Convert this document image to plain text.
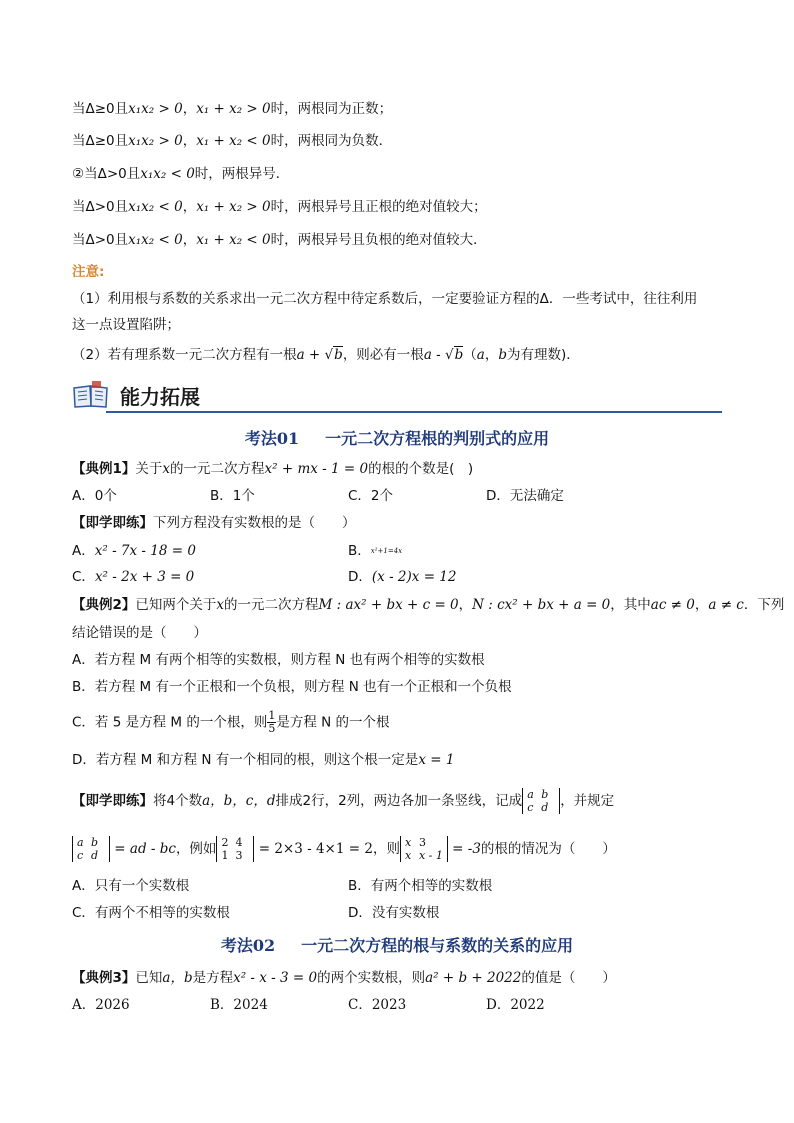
当Δ≥0且x₁x₂ > 0，x₁ + x₂ > 0时，两根同为正数；
当Δ≥0且x₁x₂ > 0，x₁ + x₂ < 0时，两根同为负数．
②当Δ>0且x₁x₂ < 0时，两根异号．
当Δ>0且x₁x₂ < 0，x₁ + x₂ > 0时，两根异号且正根的绝对值较大；
当Δ>0且x₁x₂ < 0，x₁ + x₂ < 0时，两根异号且负根的绝对值较大．
注意:
（1）利用根与系数的关系求出一元二次方程中待定系数后，一定要验证方程的Δ．一些考试中，往往利用
这一点设置陷阱；
（2）若有理系数一元二次方程有一根a + √b，则必有一根a - √b（a，b为有理数)．
能力拓展
考法01 一元二次方程根的判别式的应用
【典例1】关于x的一元二次方程x² + mx - 1 = 0的根的个数是(　)
A．0个	B．1个	C．2个	D．无法确定
【即学即练】下列方程没有实数根的是（　　）
A．x² - 7x - 18 = 0	B．x²+1=4x
C．x² - 2x + 3 = 0	D．(x - 2)x = 12
【典例2】已知两个关于x的一元二次方程M : ax² + bx + c = 0，N : cx² + bx + a = 0，其中ac ≠ 0，a ≠ c．下列
结论错误的是（　　）
A．若方程 M 有两个相等的实数根，则方程 N 也有两个相等的实数根
B．若方程 M 有一个正根和一个负根，则方程 N 也有一个正根和一个负根
C．若 5 是方程 M 的一个根，则 $\frac{1}{5}$ 是方程 N 的一个根
D．若方程 M 和方程 N 有一个相同的根，则这个根一定是x = 1
【即学即练】将4个数a，b，c，d排成2行，2列，两边各加一条竖线，记成 a b
c d ，并规定
a b
c d = ad - bc，例如 2 4
1 3 = 2×3 - 4×1 = 2，则 x 3
x x - 1 = -3的根的情况为（　　）
A．只有一个实数根	B．有两个相等的实数根
C．有两个不相等的实数根	D．没有实数根
考法02 一元二次方程的根与系数的关系的应用
【典例3】已知a，b是方程x² - x - 3 = 0的两个实数根，则a² + b + 2022的值是（　　）
A．2026	B．2024	C．2023	D．2022
